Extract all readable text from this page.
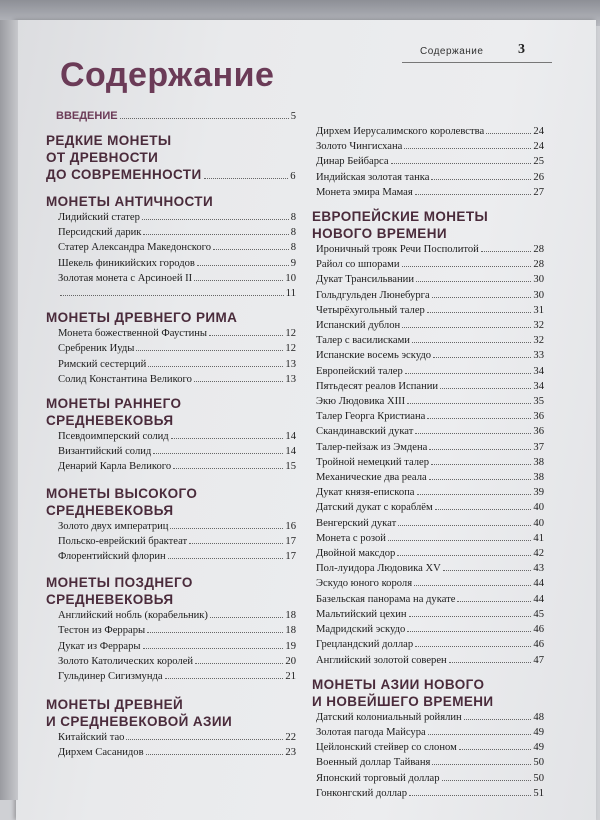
Содержание 3
Содержание
ВВЕДЕНИЕ	5
РЕДКИЕ МОНЕТЫ
ОТ ДРЕВНОСТИ
ДО СОВРЕМЕННОСТИ	6
МОНЕТЫ АНТИЧНОСТИ
Лидийский статер	8
Персидский дарик	8
Статер Александра Македонского	8
Шекель финикийских городов	9
Золотая монета с Арсиноей II	10
11
МОНЕТЫ ДРЕВНЕГО РИМА
Монета божественной Фаустины	12
Сребреник Иуды	12
Римский сестерций	13
Солид Константина Великого	13
МОНЕТЫ РАННЕГО
СРЕДНЕВЕКОВЬЯ
Псевдоимперский солид	14
Византийский солид	14
Денарий Карла Великого	15
МОНЕТЫ ВЫСОКОГО
СРЕДНЕВЕКОВЬЯ
Золото двух императриц	16
Польско-еврейский брактеат	17
Флорентийский флорин	17
МОНЕТЫ ПОЗДНЕГО
СРЕДНЕВЕКОВЬЯ
Английский нобль (корабельник)	18
Тестон из Феррары	18
Дукат из Феррары	19
Золото Католических королей	20
Гульдинер Сигизмунда	21
МОНЕТЫ ДРЕВНЕЙ
И СРЕДНЕВЕКОВОЙ АЗИИ
Китайский тао	22
Дирхем Сасанидов	23
Дирхем Иерусалимского королевства	24
Золото Чингисхана	24
Динар Бейбарса	25
Индийская золотая танка	26
Монета эмира Мамая	27
ЕВРОПЕЙСКИЕ МОНЕТЫ
НОВОГО ВРЕМЕНИ
Ироничный трояк Речи Посполитой	28
Райол со шпорами	28
Дукат Трансильвании	30
Гольдгульден Люнебурга	30
Четырёхугольный талер	31
Испанский дублон	32
Талер с василисками	32
Испанские восемь эскудо	33
Европейский талер	34
Пятьдесят реалов Испании	34
Экю Людовика XIII	35
Талер Георга Кристиана	36
Скандинавский дукат	36
Талер-пейзаж из Эмдена	37
Тройной немецкий талер	38
Механические два реала	38
Дукат князя-епископа	39
Датский дукат с кораблём	40
Венгерский дукат	40
Монета с розой	41
Двойной максдор	42
Пол-луидора Людовика XV	43
Эскудо юного короля	44
Базельская панорама на дукате	44
Мальтийский цехин	45
Мадридский эскудо	46
Грецландский доллар	46
Английский золотой соверен	47
МОНЕТЫ АЗИИ НОВОГО
И НОВЕЙШЕГО ВРЕМЕНИ
Датский колониальный ройялин	48
Золотая пагода Майсура	49
Цейлонский стейвер со слоном	49
Военный доллар Тайваня	50
Японский торговый доллар	50
Гонконгский доллар	51
